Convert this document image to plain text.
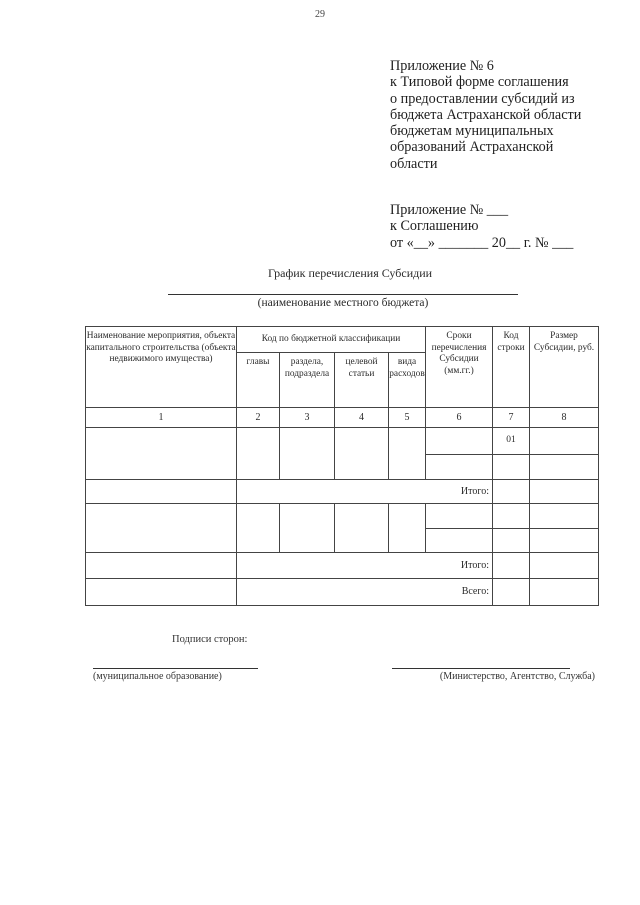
29
Приложение № 6
к Типовой форме соглашения
о предоставлении субсидий из
бюджета Астраханской области
бюджетам муниципальных
образований Астраханской
области
Приложение № ___
к Соглашению
от «__» _______ 20__ г. № ___
График перечисления Субсидии
(наименование местного бюджета)
Наименование мероприятия, объекта капитального строительства (объекта недвижимого имущества)	Код по бюджетной классификации				Сроки перечисления Субсидии (мм.гг.)	Код строки	Размер Субсидии, руб.
	главы	раздела, подраздела	целевой статьи	вида расходов			
1	2	3	4	5	6	7	8
						01	

	Итого:						

	Итого:						
	Всего:						
Подписи сторон:
(муниципальное образование)	(Министерство, Агентство, Служба)
